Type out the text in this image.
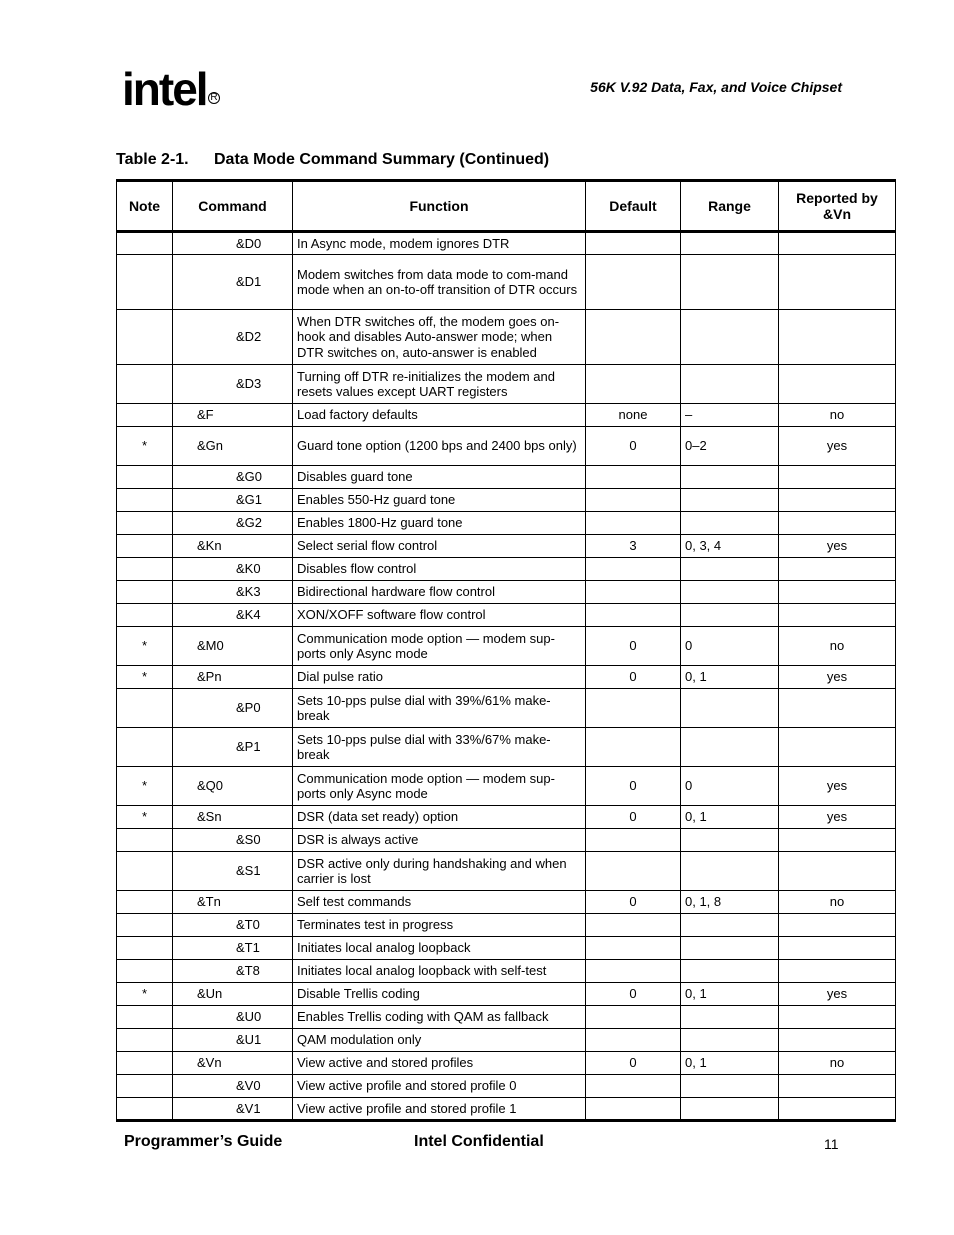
intel R
56K V.92 Data, Fax, and Voice Chipset
Table 2-1. Data Mode Command Summary (Continued)
Note	Command	Function	Default	Range	Reported by &Vn
	&D0	In Async mode, modem ignores DTR			
	&D1	Modem switches from data mode to com-mand mode when an on-to-off transition of DTR occurs			
	&D2	When DTR switches off, the modem goes on-hook and disables Auto-answer mode; when DTR switches on, auto-answer is enabled			
	&D3	Turning off DTR re-initializes the modem and resets values except UART registers			
	&F	Load factory defaults	none	–	no
*	&Gn	Guard tone option (1200 bps and 2400 bps only)	0	0–2	yes
	&G0	Disables guard tone			
	&G1	Enables 550-Hz guard tone			
	&G2	Enables 1800-Hz guard tone			
	&Kn	Select serial flow control	3	0, 3, 4	yes
	&K0	Disables flow control			
	&K3	Bidirectional hardware flow control			
	&K4	XON/XOFF software flow control			
*	&M0	Communication mode option — modem sup-ports only Async mode	0	0	no
*	&Pn	Dial pulse ratio	0	0, 1	yes
	&P0	Sets 10-pps pulse dial with 39%/61% make-break			
	&P1	Sets 10-pps pulse dial with 33%/67% make-break			
*	&Q0	Communication mode option — modem sup-ports only Async mode	0	0	yes
*	&Sn	DSR (data set ready) option	0	0, 1	yes
	&S0	DSR is always active			
	&S1	DSR active only during handshaking and when carrier is lost			
	&Tn	Self test commands	0	0, 1, 8	no
	&T0	Terminates test in progress			
	&T1	Initiates local analog loopback			
	&T8	Initiates local analog loopback with self-test			
*	&Un	Disable Trellis coding	0	0, 1	yes
	&U0	Enables Trellis coding with QAM as fallback			
	&U1	QAM modulation only			
	&Vn	View active and stored profiles	0	0, 1	no
	&V0	View active profile and stored profile 0			
	&V1	View active profile and stored profile 1			
Programmer’s Guide	Intel Confidential	11
